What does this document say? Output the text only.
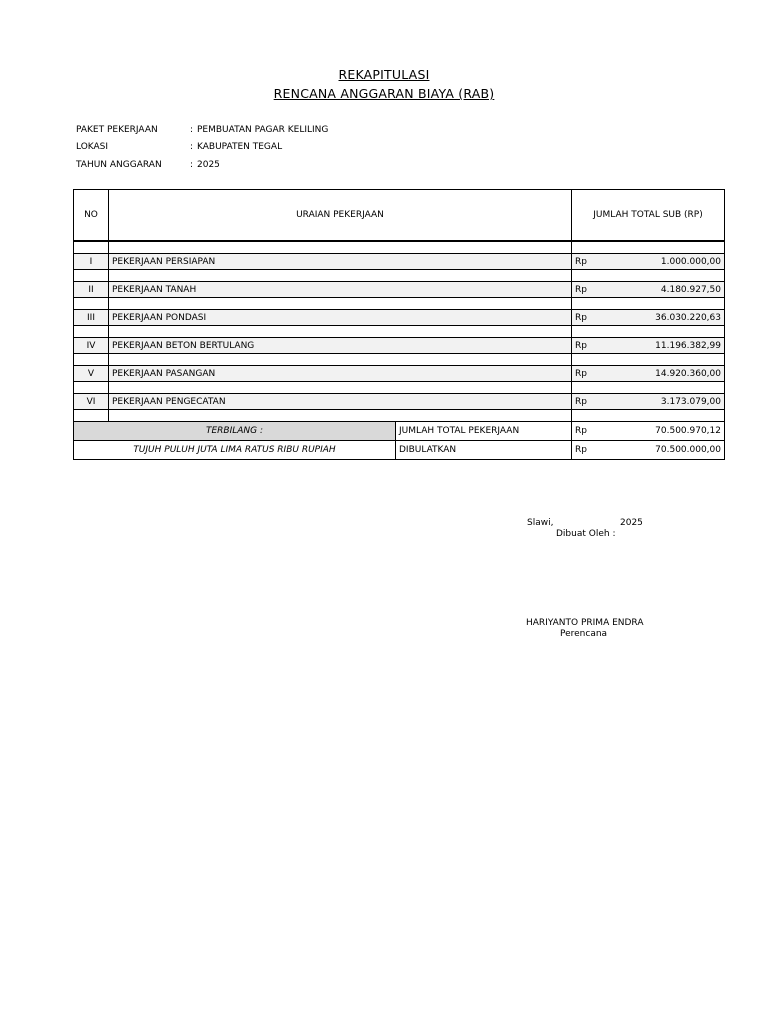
REKAPITULASI
RENCANA ANGGARAN BIAYA (RAB)
PAKET PEKERJAAN	: PEMBUATAN PAGAR KELILING
LOKASI	: KABUPATEN TEGAL
TAHUN ANGGARAN	: 2025
NO	URAIAN PEKERJAAN		JUMLAH TOTAL SUB (RP)	

I	PEKERJAAN PERSIAPAN		Rp	1.000.000,00

II	PEKERJAAN TANAH		Rp	4.180.927,50

III	PEKERJAAN PONDASI		Rp	36.030.220,63

IV	PEKERJAAN BETON BERTULANG		Rp	11.196.382,99

V	PEKERJAAN PASANGAN		Rp	14.920.360,00

VI	PEKERJAAN PENGECATAN		Rp	3.173.079,00

TERBILANG :		JUMLAH TOTAL PEKERJAAN	Rp	70.500.970,12
TUJUH PULUH JUTA LIMA RATUS RIBU RUPIAH		DIBULATKAN	Rp	70.500.000,00
Slawi,	2025
Dibuat Oleh :
HARIYANTO PRIMA ENDRA
Perencana
